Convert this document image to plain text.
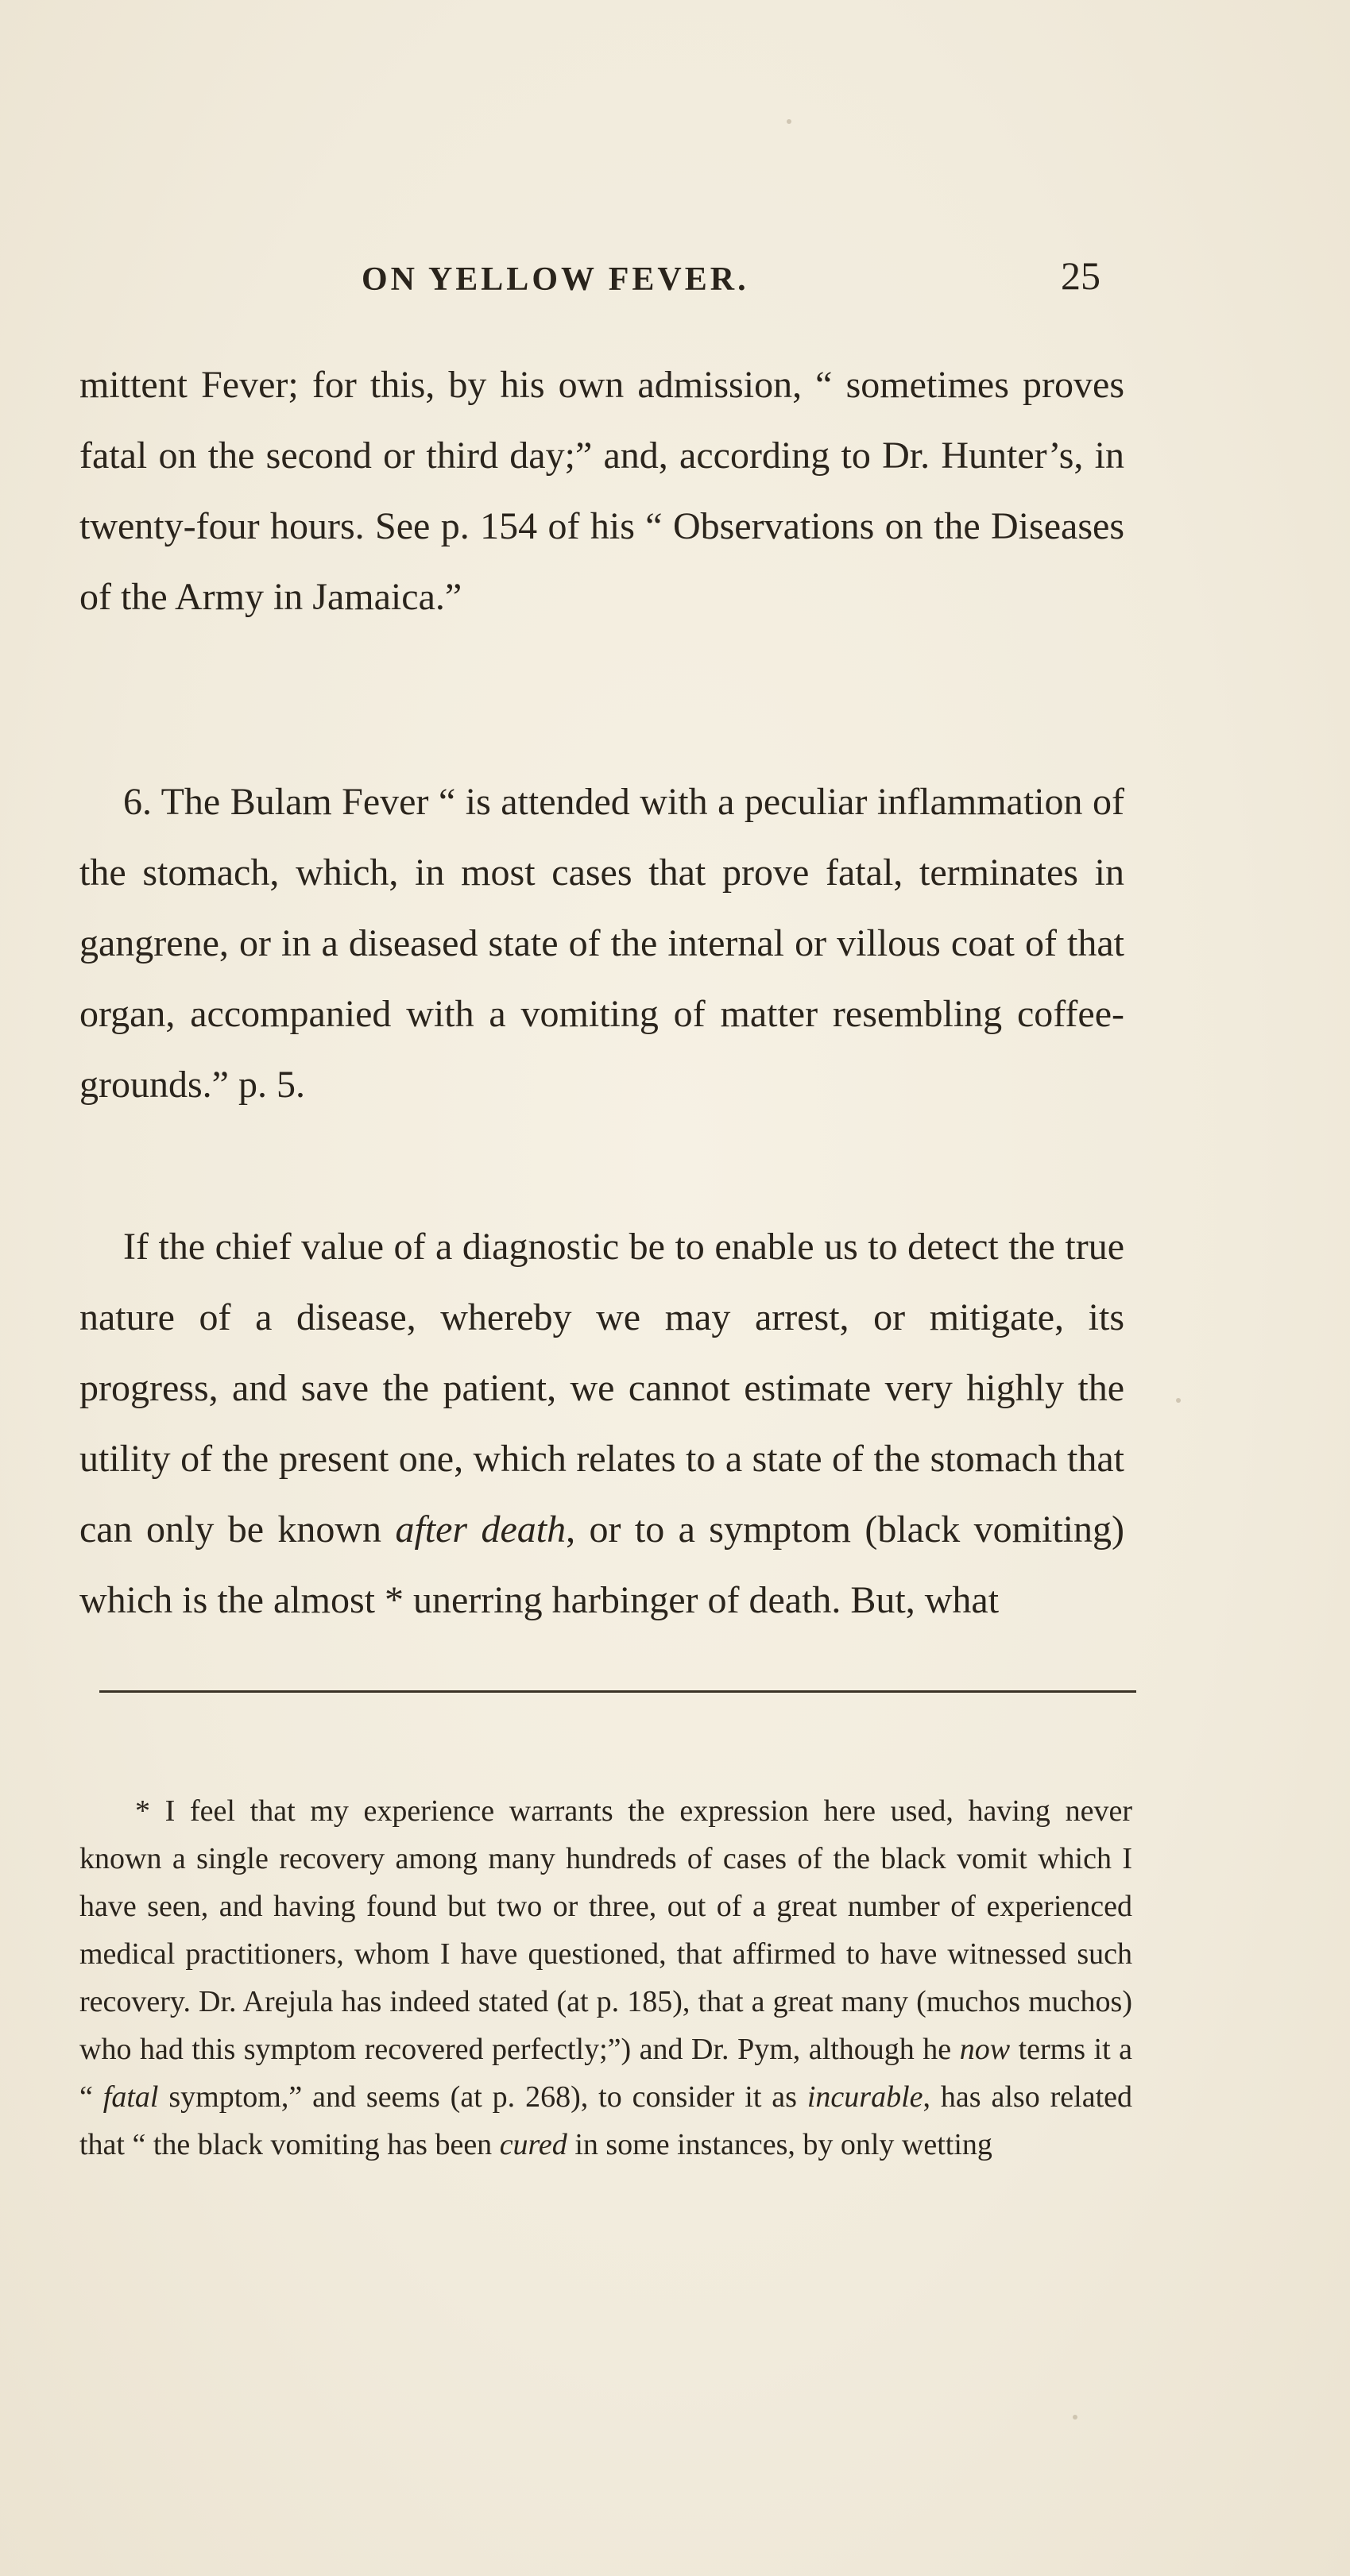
ON YELLOW FEVER.	25

mittent Fever; for this, by his own admission, “ sometimes proves fatal on the second or third day;” and, according to Dr. Hunter’s, in twenty-four hours. See p. 154 of his “ Observations on the Diseases of the Army in Jamaica.”

6. The Bulam Fever “ is attended with a peculiar inflammation of the stomach, which, in most cases that prove fatal, terminates in gangrene, or in a diseased state of the internal or villous coat of that organ, accompanied with a vomiting of matter resembling coffee-grounds.” p. 5.

If the chief value of a diagnostic be to enable us to detect the true nature of a disease, whereby we may arrest, or mitigate, its progress, and save the patient, we cannot estimate very highly the utility of the present one, which relates to a state of the stomach that can only be known after death, or to a symptom (black vomiting) which is the almost * unerring harbinger of death. But, what

* I feel that my experience warrants the expression here used, having never known a single recovery among many hundreds of cases of the black vomit which I have seen, and having found but two or three, out of a great number of experienced medical practitioners, whom I have questioned, that affirmed to have witnessed such recovery. Dr. Arejula has indeed stated (at p. 185), that a great many (muchos muchos) who had this symptom recovered perfectly;”) and Dr. Pym, although he now terms it a “ fatal symptom,” and seems (at p. 268), to consider it as incurable, has also related that “ the black vomiting has been cured in some instances, by only wetting
